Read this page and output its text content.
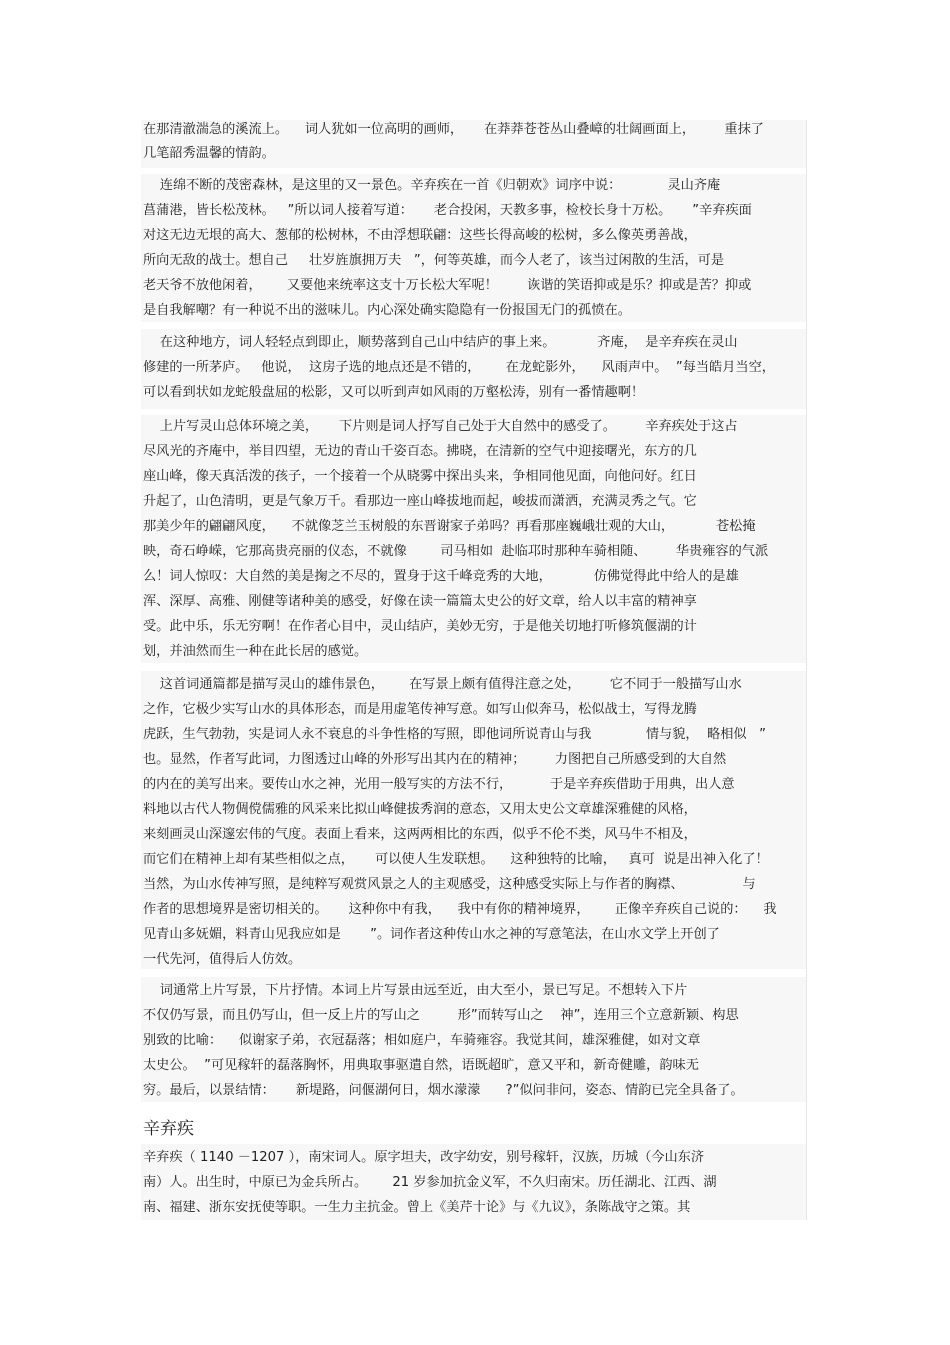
在那清澈湍急的溪流上。    词人犹如一位高明的画师，     在莽莽苍苍丛山叠嶂的壮阔画面上，       重抹了
几笔韶秀温馨的情韵。
连绵不断的茂密森林，是这里的又一景色。辛弃疾在一首《归朝欢》词序中说：           灵山齐庵
菖蒲港，皆长松茂林。   ”所以词人接着写道：     老合投闲，天教多事，检校长身十万松。     ”辛弃疾面
对这无边无垠的高大、葱郁的松树林，不由浮想联翩：这些长得高峻的松树，多么像英勇善战，
所向无敌的战士。想自己     壮岁旌旗拥万夫   ”，何等英雄，而今人老了，该当过闲散的生活，可是
老天爷不放他闲着，      又要他来统率这支十万长松大军呢！       诙谐的笑语抑或是乐？抑或是苦？抑或
是自我解嘲？有一种说不出的滋味儿。内心深处确实隐隐有一份报国无门的孤愤在。
在这种地方，词人轻轻点到即止，顺势落到自己山中结庐的事上来。          齐庵，  是辛弃疾在灵山
修建的一所茅庐。   他说，  这房子选的地点还是不错的，      在龙蛇影外，    风雨声中。  ”每当皓月当空，
可以看到状如龙蛇般盘屈的松影，又可以听到声如风雨的万壑松涛，别有一番情趣啊！
上片写灵山总体环境之美，     下片则是词人抒写自己处于大自然中的感受了。       辛弃疾处于这占
尽风光的齐庵中，举目四望，无边的青山千姿百态。拂晓，在清新的空气中迎接曙光，东方的几
座山峰，像天真活泼的孩子，一个接着一个从晓雾中探出头来，争相同他见面，向他问好。红日
升起了，山色清明，更是气象万千。看那边一座山峰拔地而起，峻拔而潇洒，充满灵秀之气。它
那美少年的翩翩风度，    不就像芝兰玉树般的东晋谢家子弟吗？再看那座巍峨壮观的大山，          苍松掩
映，奇石峥嵘，它那高贵亮丽的仪态，不就像        司马相如  赴临邛时那种车骑相随、       华贵雍容的气派
么！词人惊叹：大自然的美是掬之不尽的，置身于这千峰竞秀的大地，          仿佛觉得此中给人的是雄
浑、深厚、高雅、刚健等诸种美的感受，好像在读一篇篇太史公的好文章，给人以丰富的精神享
受。此中乐，乐无穷啊！在作者心目中，灵山结庐，美妙无穷，于是他关切地打听修筑偃湖的计
划，并油然而生一种在此长居的感觉。
这首词通篇都是描写灵山的雄伟景色，      在写景上颇有值得注意之处，       它不同于一般描写山水
之作，它极少实写山水的具体形态，而是用虚笔传神写意。如写山似奔马，松似战士，写得龙腾
虎跃，生气勃勃，实是词人永不衰息的斗争性格的写照，即他词所说青山与我             情与貌，  略相似   ”
也。显然，作者写此词，力图透过山峰的外形写出其内在的精神；       力图把自己所感受到的大自然
的内在的美写出来。要传山水之神，光用一般写实的方法不行，         于是辛弃疾借助于用典，出人意
料地以古代人物倜傥儒雅的风采来比拟山峰健拔秀润的意态，又用太史公文章雄深雅健的风格，
来刻画灵山深邃宏伟的气度。表面上看来，这两两相比的东西，似乎不伦不类，风马牛不相及，
而它们在精神上却有某些相似之点，     可以使人生发联想。    这种独特的比喻，   真可  说是出神入化了！
当然，为山水传神写照，是纯粹写观赏风景之人的主观感受，这种感受实际上与作者的胸襟、              与
作者的思想境界是密切相关的。     这种你中有我，    我中有你的精神境界，      正像辛弃疾自己说的：    我
见青山多妩媚，料青山见我应如是       ”。词作者这种传山水之神的写意笔法，在山水文学上开创了
一代先河，值得后人仿效。
词通常上片写景，下片抒情。本词上片写景由远至近，由大至小，景已写足。不想转入下片
不仅仍写景，而且仍写山，但一反上片的写山之         形”而转写山之    神”，连用三个立意新颖、构思
别致的比喻：    似谢家子弟，衣冠磊落；相如庭户，车骑雍容。我觉其间，雄深雅健，如对文章
太史公。  ”可见稼轩的磊落胸怀，用典取事驱遣自然，语既超旷，意又平和，新奇健雕，韵味无
穷。最后，以景结情：     新堤路，问偃湖何日，烟水濛濛      ?”似问非问，姿态、情韵已完全具备了。
辛弃疾
辛弃疾（ 1140 －1207 ），南宋词人。原字坦夫，改字幼安，别号稼轩，汉族，历城（今山东济
南）人。出生时，中原已为金兵所占。      21 岁参加抗金义军，不久归南宋。历任湖北、江西、湖
南、福建、浙东安抚使等职。一生力主抗金。曾上《美芹十论》与《九议》，条陈战守之策。其
